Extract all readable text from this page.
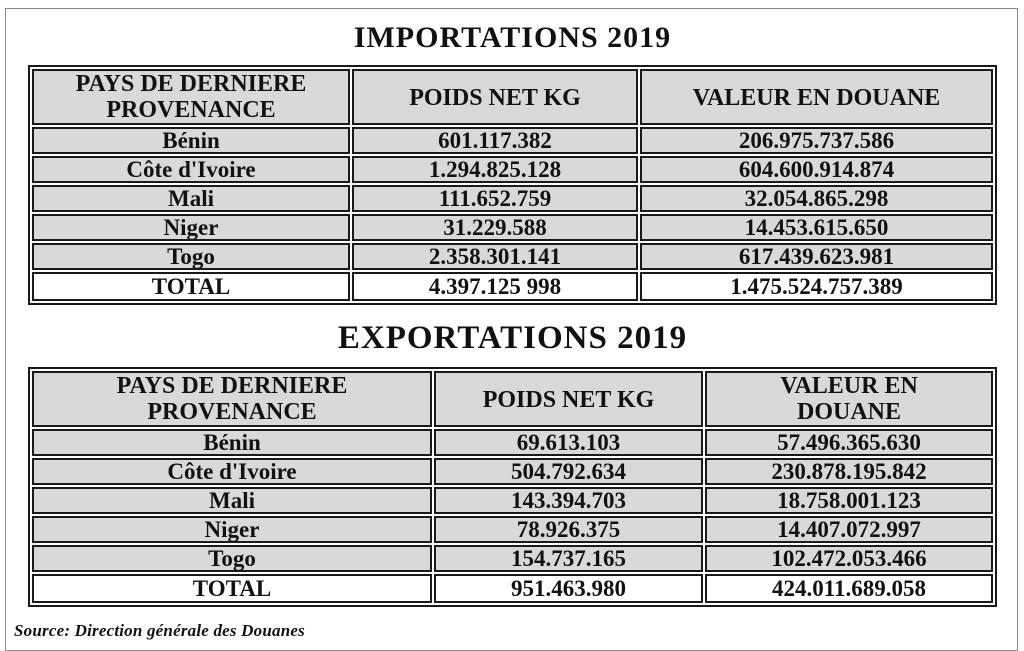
IMPORTATIONS 2019
PAYS DE DERNIERE PROVENANCE	POIDS NET KG	VALEUR EN DOUANE
Bénin	601.117.382	206.975.737.586
Côte d'Ivoire	1.294.825.128	604.600.914.874
Mali	111.652.759	32.054.865.298
Niger	31.229.588	14.453.615.650
Togo	2.358.301.141	617.439.623.981
TOTAL	4.397.125 998	1.475.524.757.389
EXPORTATIONS 2019
PAYS DE DERNIERE PROVENANCE	POIDS NET KG	VALEUR EN DOUANE
Bénin	69.613.103	57.496.365.630
Côte d'Ivoire	504.792.634	230.878.195.842
Mali	143.394.703	18.758.001.123
Niger	78.926.375	14.407.072.997
Togo	154.737.165	102.472.053.466
TOTAL	951.463.980	424.011.689.058
Source: Direction générale des Douanes
